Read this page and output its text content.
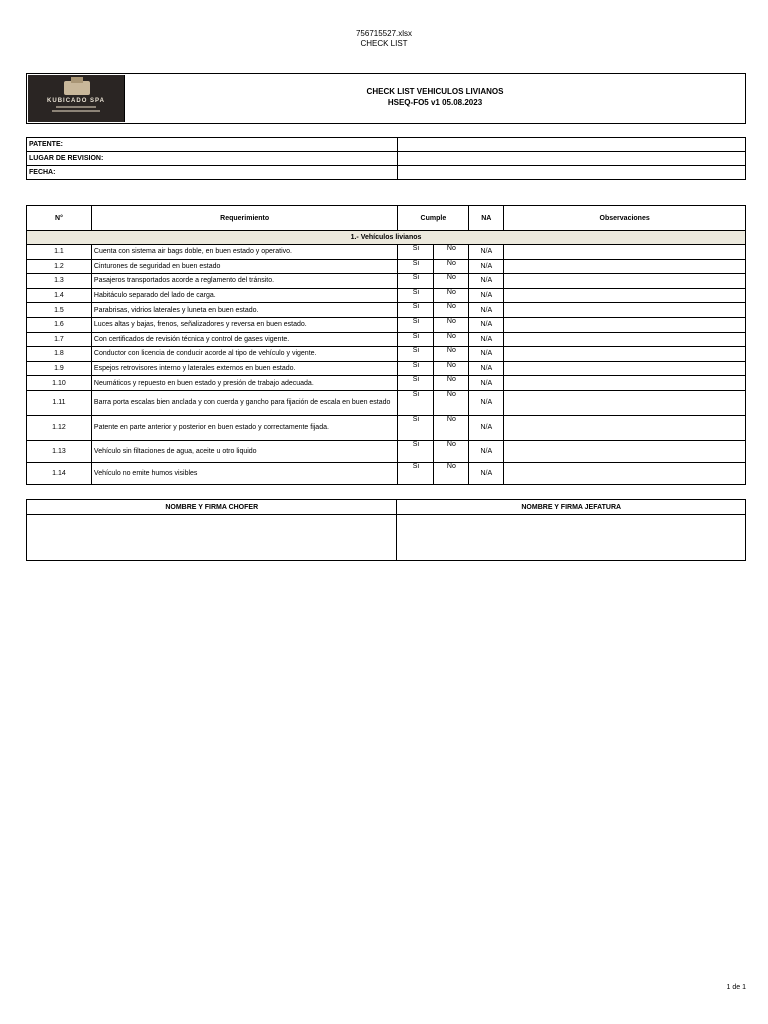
756715527.xlsx
CHECK LIST
KUBICADO SPA
CHECK LIST VEHICULOS LIVIANOS
HSEQ-FO5 v1 05.08.2023
PATENTE:	
LUGAR DE REVISION:	
FECHA:	
N°	Requerimiento	Cumple		NA	Observaciones
1.- Vehículos livianos					
1.1	Cuenta con sistema air bags doble, en buen estado y operativo.	Si	No	N/A	
1.2	Cinturones de seguridad en buen estado	Si	No	N/A	
1.3	Pasajeros transportados acorde a reglamento del tránsito.	Si	No	N/A	
1.4	Habitáculo separado del lado de carga.	Si	No	N/A	
1.5	Parabrisas, vidrios laterales y luneta en buen estado.	Si	No	N/A	
1.6	Luces altas y bajas, frenos, señalizadores y reversa en buen estado.	Si	No	N/A	
1.7	Con certificados de revisión técnica y control de gases vigente.	Si	No	N/A	
1.8	Conductor con licencia de conducir acorde al tipo de vehículo y vigente.	Si	No	N/A	
1.9	Espejos retrovisores interno y laterales externos en buen estado.	Si	No	N/A	
1.10	Neumáticos y repuesto en buen estado y presión de trabajo adecuada.	Si	No	N/A	
1.11	Barra porta escalas bien anclada y con cuerda y gancho para fijación de escala en buen estado	Si	No	N/A	
1.12	Patente en parte anterior y posterior en buen estado y correctamente fijada.	Si	No	N/A	
1.13	Vehículo sin filtaciones de agua, aceite u otro liquido	Si	No	N/A	
1.14	Vehículo no emite humos visibles	Si	No	N/A	
NOMBRE Y FIRMA CHOFER	NOMBRE Y FIRMA JEFATURA

1 de 1
